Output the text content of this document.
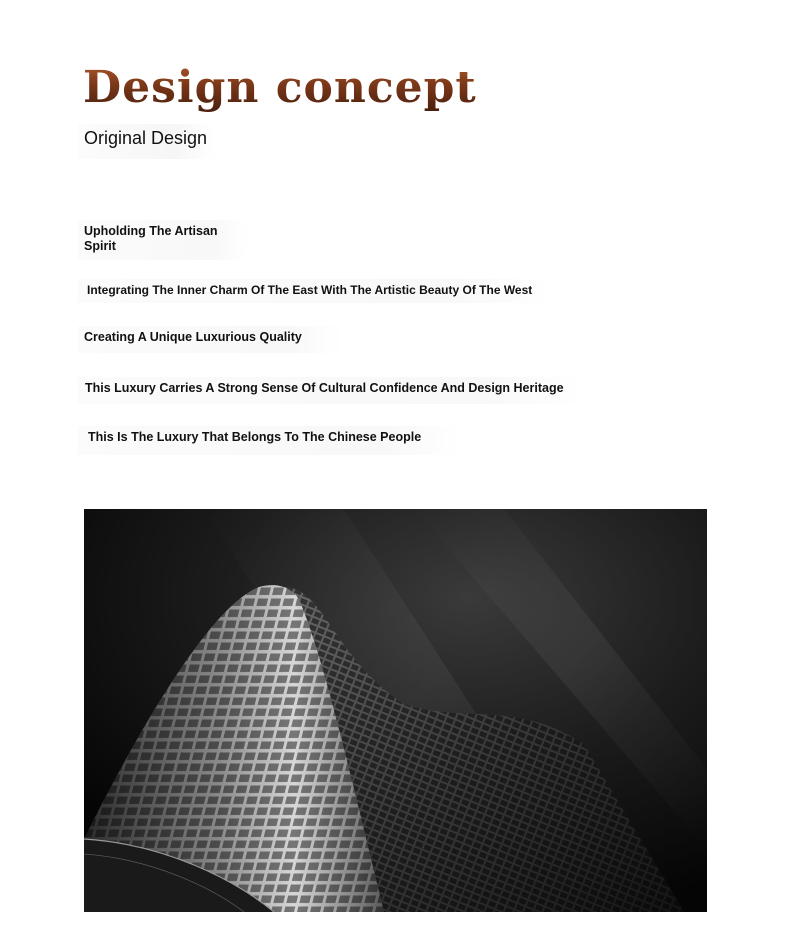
Design concept
Original Design

Upholding The Artisan Spirit

Integrating The Inner Charm Of The East With The Artistic Beauty Of The West

Creating A Unique Luxurious Quality

This Luxury Carries A Strong Sense Of Cultural Confidence And Design Heritage

This Is The Luxury That Belongs To The Chinese People
